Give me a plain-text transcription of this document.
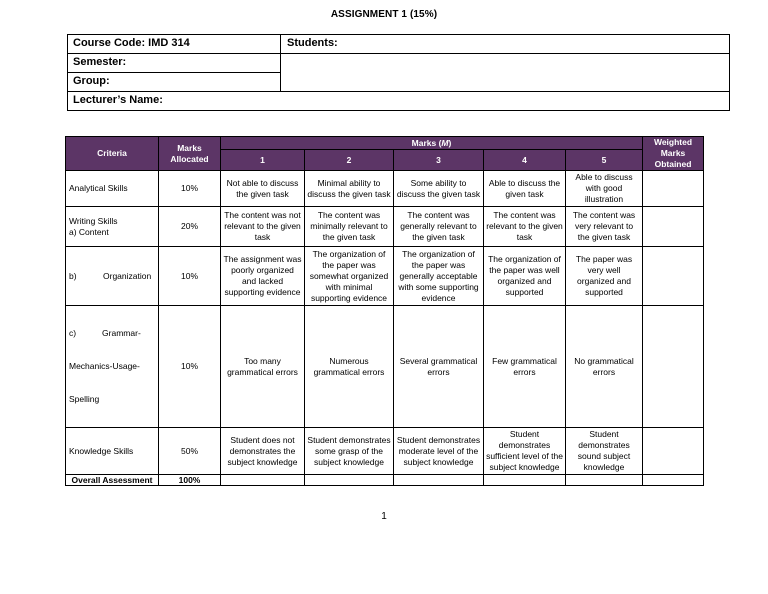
ASSIGNMENT 1 (15%)
Course Code: IMD 314	Students:
Semester:
Group:
Lecturer’s Name:
Criteria	Marks Allocated	Marks (M)					Weighted Marks Obtained
		1	2	3	4	5	
Analytical Skills	10%	Not able to discuss the given task	Minimal ability to discuss the given task	Some ability to discuss the given task	Able to discuss the given task	Able to discuss with good illustration	

Writing Skills
a) Content	20%	The content was not relevant to the given task	The content was minimally relevant to the given task	The content was generally relevant to the given task	The content was relevant to the given task	The content was very relevant to the given task	
b) Organization	10%	The assignment was poorly organized and lacked supporting evidence	The organization of the paper was somewhat organized with minimal supporting evidence	The organization of the paper was generally acceptable with some supporting evidence	The organization of the paper was well organized and supported	The paper was very well organized and supported	

c)           Grammar-

Mechanics-Usage-

Spelling	10%	Too many grammatical errors	Numerous grammatical errors	Several grammatical errors	Few grammatical errors	No grammatical errors	
Knowledge Skills	50%	Student does not demonstrates the subject knowledge	Student demonstrates some grasp of the subject knowledge	Student demonstrates moderate level of the subject knowledge	Student demonstrates sufficient level of the subject knowledge	Student demonstrates sound subject knowledge	
Overall Assessment	100%						
1
